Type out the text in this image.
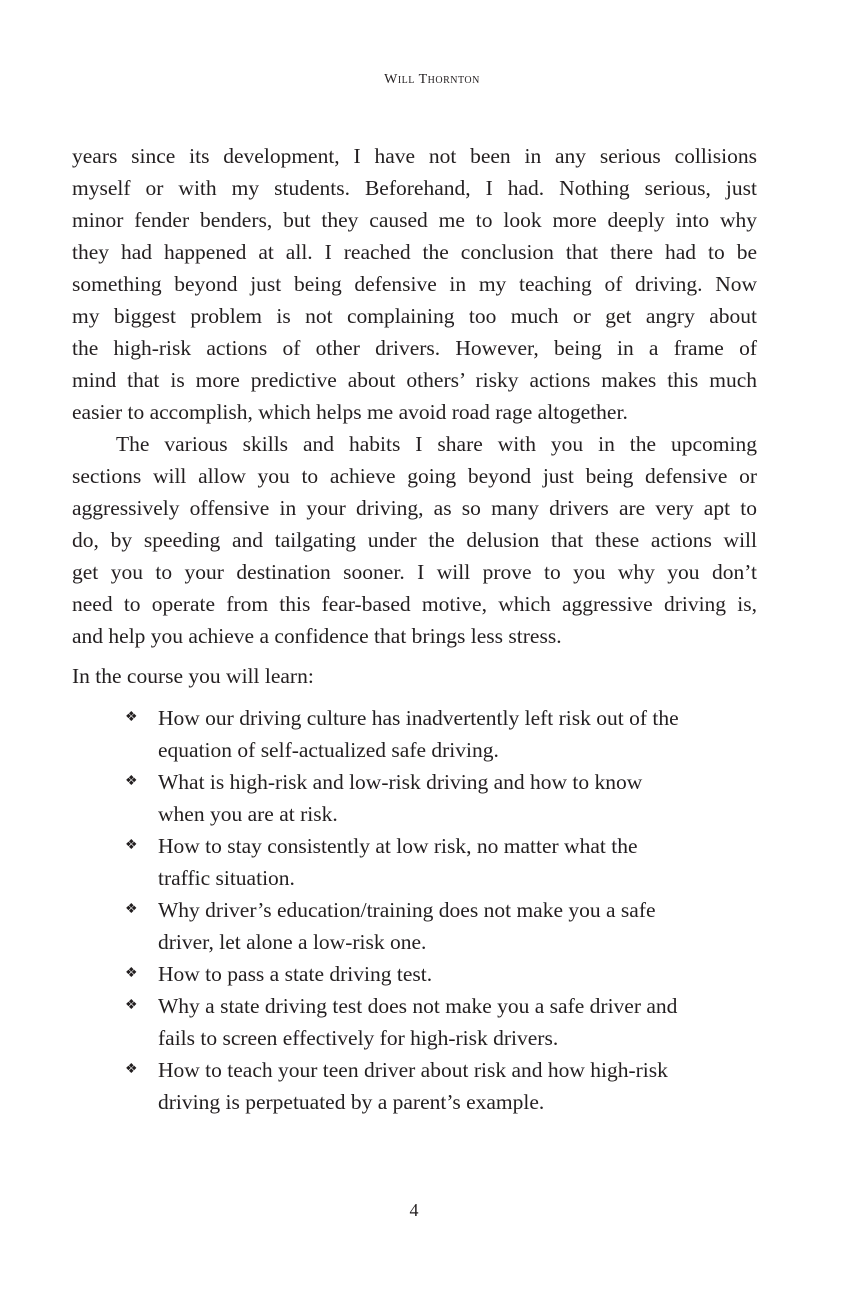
Will Thornton
years since its development, I have not been in any serious collisions
myself or with my students. Beforehand, I had. Nothing serious, just
minor fender benders, but they caused me to look more deeply into why
they had happened at all. I reached the conclusion that there had to be
something beyond just being defensive in my teaching of driving. Now
my biggest problem is not complaining too much or get angry about
the high-risk actions of other drivers. However, being in a frame of
mind that is more predictive about others’ risky actions makes this much
easier to accomplish, which helps me avoid road rage altogether.
The various skills and habits I share with you in the upcoming
sections will allow you to achieve going beyond just being defensive or
aggressively offensive in your driving, as so many drivers are very apt to
do, by speeding and tailgating under the delusion that these actions will
get you to your destination sooner. I will prove to you why you don’t
need to operate from this fear-based motive, which aggressive driving is,
and help you achieve a confidence that brings less stress.
In the course you will learn:
❖ How our driving culture has inadvertently left risk out of the
equation of self-actualized safe driving.
❖ What is high-risk and low-risk driving and how to know
when you are at risk.
❖ How to stay consistently at low risk, no matter what the
traffic situation.
❖ Why driver’s education/training does not make you a safe
driver, let alone a low-risk one.
❖ How to pass a state driving test.
❖ Why a state driving test does not make you a safe driver and
fails to screen effectively for high-risk drivers.
❖ How to teach your teen driver about risk and how high-risk
driving is perpetuated by a parent’s example.
4
